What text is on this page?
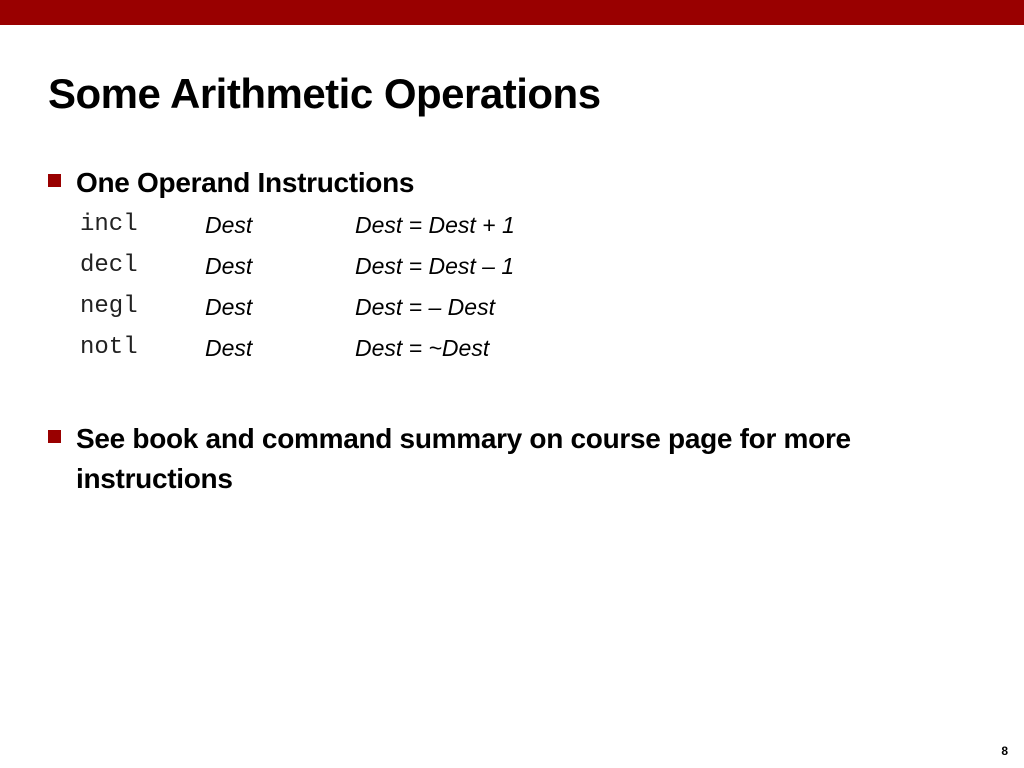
Some Arithmetic Operations
One Operand Instructions
incl	Dest	Dest = Dest + 1
decl	Dest	Dest = Dest – 1
negl	Dest	Dest = – Dest
notl	Dest	Dest = ~Dest
See book and command summary on course page for more instructions
8
